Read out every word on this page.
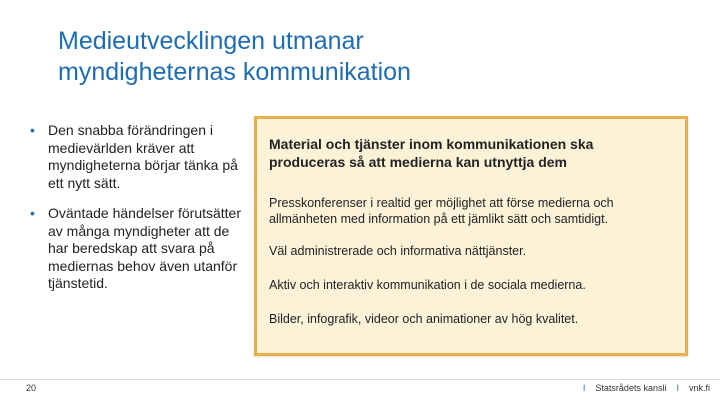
Medieutvecklingen utmanar
myndigheternas kommunikation
• Den snabba förändringen i medievärlden kräver att myndigheterna börjar tänka på ett nytt sätt.
• Oväntade händelser förutsätter av många myndigheter att de har beredskap att svara på mediernas behov även utanför tjänstetid.
Material och tjänster inom kommunikationen ska produceras så att medierna kan utnyttja dem
Presskonferenser i realtid ger möjlighet att förse medierna och allmänheten med information på ett jämlikt sätt och samtidigt.
Väl administrerade och informativa nättjänster.
Aktiv och interaktiv kommunikation i de sociala medierna.
Bilder, infografik, videor och animationer av hög kvalitet.
20	I Statsrådets kansli I vnk.fi
